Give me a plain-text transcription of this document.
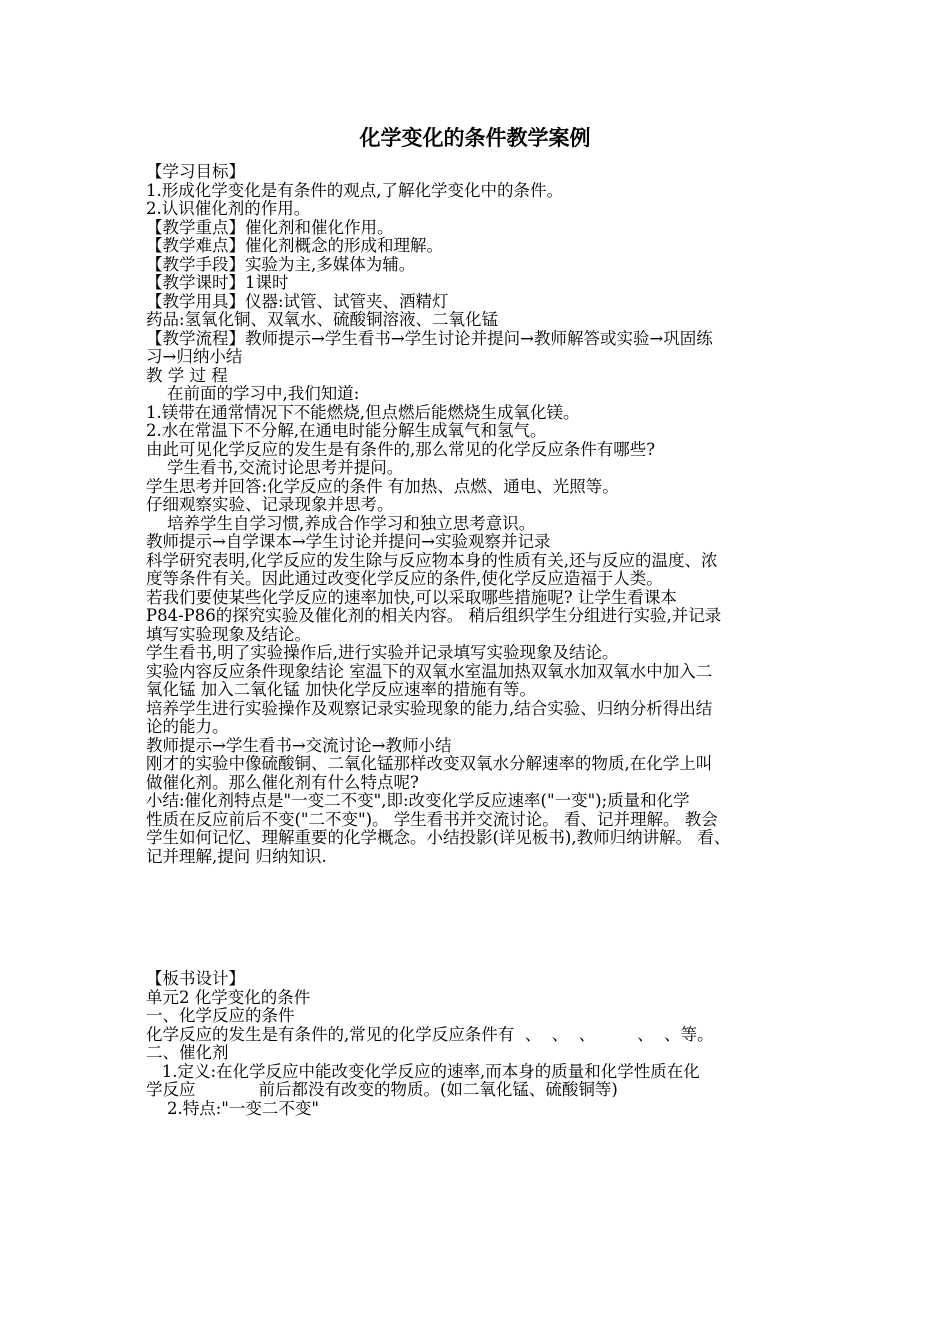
化学变化的条件教学案例
【学习目标】
1.形成化学变化是有条件的观点,了解化学变化中的条件。
2.认识催化剂的作用。
【教学重点】催化剂和催化作用。
【教学难点】催化剂概念的形成和理解。
【教学手段】实验为主,多媒体为辅。
【教学课时】1课时
【教学用具】仪器:试管、试管夹、酒精灯
药品:氢氧化铜、双氧水、硫酸铜溶液、二氧化锰
【教学流程】教师提示→学生看书→学生讨论并提问→教师解答或实验→巩固练
习→归纳小结
教 学 过 程
在前面的学习中,我们知道:
1.镁带在通常情况下不能燃烧,但点燃后能燃烧生成氧化镁。
2.水在常温下不分解,在通电时能分解生成氧气和氢气。
由此可见化学反应的发生是有条件的,那么常见的化学反应条件有哪些?
学生看书,交流讨论思考并提问。
学生思考并回答:化学反应的条件 有加热、点燃、通电、光照等。
仔细观察实验、记录现象并思考。
培养学生自学习惯,养成合作学习和独立思考意识。
教师提示→自学课本→学生讨论并提问→实验观察并记录
科学研究表明,化学反应的发生除与反应物本身的性质有关,还与反应的温度、浓
度等条件有关。因此通过改变化学反应的条件,使化学反应造福于人类。
若我们要使某些化学反应的速率加快,可以采取哪些措施呢? 让学生看课本
P84-P86的探究实验及催化剂的相关内容。 稍后组织学生分组进行实验,并记录
填写实验现象及结论。
学生看书,明了实验操作后,进行实验并记录填写实验现象及结论。
实验内容反应条件现象结论 室温下的双氧水室温加热双氧水加双氧水中加入二
氧化锰 加入二氧化锰 加快化学反应速率的措施有等。
培养学生进行实验操作及观察记录实验现象的能力,结合实验、归纳分析得出结
论的能力。
教师提示→学生看书→交流讨论→教师小结
刚才的实验中像硫酸铜、二氧化锰那样改变双氧水分解速率的物质,在化学上叫
做催化剂。那么催化剂有什么特点呢?
小结:催化剂特点是"一变二不变",即:改变化学反应速率("一变");质量和化学
性质在反应前后不变("二不变")。 学生看书并交流讨论。 看、记并理解。 教会
学生如何记忆、理解重要的化学概念。小结投影(详见板书),教师归纳讲解。 看、
记并理解,提问 归纳知识.
【板书设计】
单元2 化学变化的条件
一、化学反应的条件
化学反应的发生是有条件的,常见的化学反应条件有  、  、  、        、  、等。
二、催化剂
1.定义:在化学反应中能改变化学反应的速率,而本身的质量和化学性质在化
学反应            前后都没有改变的物质。(如二氧化锰、硫酸铜等)
2.特点:"一变二不变"
